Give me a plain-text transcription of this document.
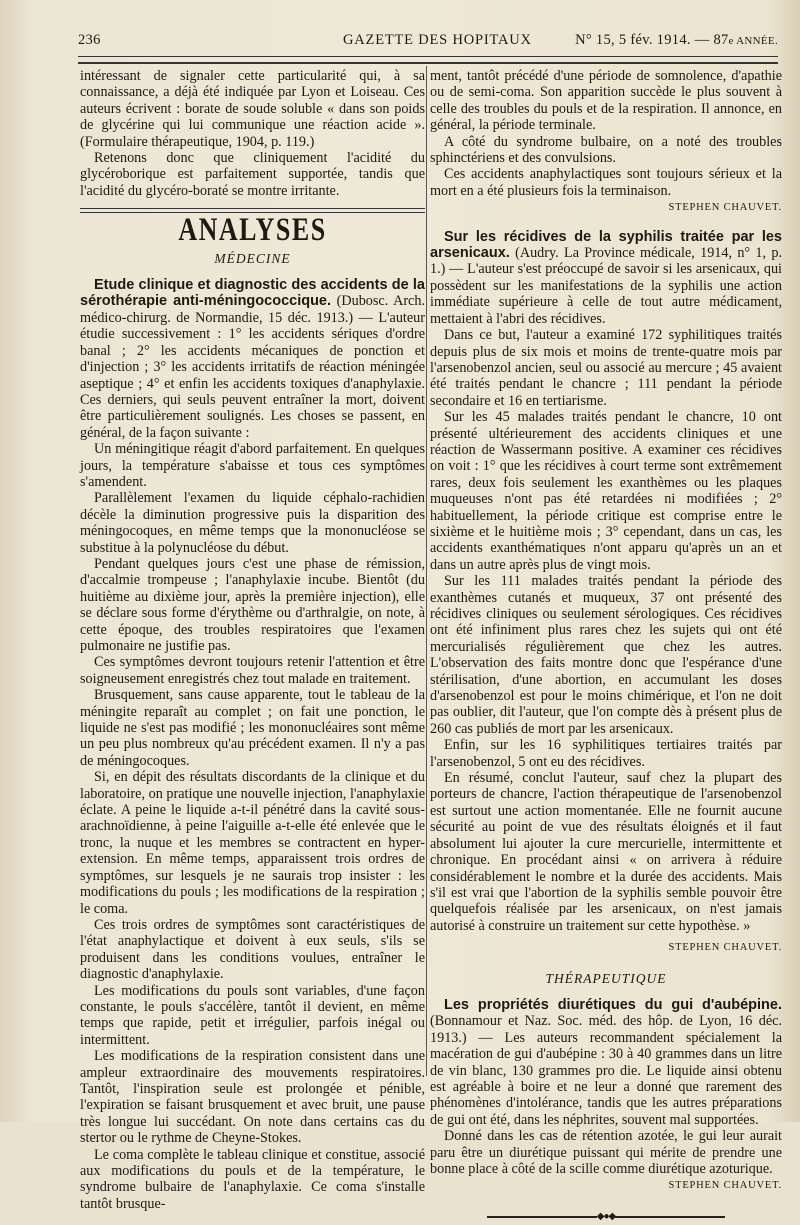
236	GAZETTE DES HOPITAUX	N° 15, 5 fév. 1914. — 87e ANNÉE.

intéressant de signaler cette particularité qui, à sa connaissance, a déjà été indiquée par Lyon et Loiseau. Ces auteurs écrivent : borate de soude soluble « dans son poids de glycérine qui lui communique une réaction acide ». (Formulaire thérapeutique, 1904, p. 119.)

Retenons donc que cliniquement l'acidité du glycéroborique est parfaitement supportée, tandis que l'acidité du glycéro-boraté se montre irritante.

ANALYSES
MÉDECINE

Etude clinique et diagnostic des accidents de la sérothérapie anti-méningococcique. (Dubosc. Arch. médico-chirurg. de Normandie, 15 déc. 1913.) — L'auteur étudie successivement : 1° les accidents sériques d'ordre banal ; 2° les accidents mécaniques de ponction et d'injection ; 3° les accidents irritatifs de réaction méningée aseptique ; 4° et enfin les accidents toxiques d'anaphylaxie. Ces derniers, qui seuls peuvent entraîner la mort, doivent être particulièrement soulignés. Les choses se passent, en général, de la façon suivante :

Un méningitique réagit d'abord parfaitement. En quelques jours, la température s'abaisse et tous ces symptômes s'amendent.

Parallèlement l'examen du liquide céphalo-rachidien décèle la diminution progressive puis la disparition des méningocoques, en même temps que la mononucléose se substitue à la polynucléose du début.

Pendant quelques jours c'est une phase de rémission, d'accalmie trompeuse ; l'anaphylaxie incube. Bientôt (du huitième au dixième jour, après la première injection), elle se déclare sous forme d'érythème ou d'arthralgie, on note, à cette époque, des troubles respiratoires que l'examen pulmonaire ne justifie pas.

Ces symptômes devront toujours retenir l'attention et être soigneusement enregistrés chez tout malade en traitement.

Brusquement, sans cause apparente, tout le tableau de la méningite reparaît au complet ; on fait une ponction, le liquide ne s'est pas modifié ; les mononucléaires sont même un peu plus nombreux qu'au précédent examen. Il n'y a pas de méningocoques.

Si, en dépit des résultats discordants de la clinique et du laboratoire, on pratique une nouvelle injection, l'anaphylaxie éclate. A peine le liquide a-t-il pénétré dans la cavité sous-arachnoïdienne, à peine l'aiguille a-t-elle été enlevée que le tronc, la nuque et les membres se contractent en hyper-extension. En même temps, apparaissent trois ordres de symptômes, sur lesquels je ne saurais trop insister : les modifications du pouls ; les modifications de la respiration ; le coma.

Ces trois ordres de symptômes sont caractéristiques de l'état anaphylactique et doivent à eux seuls, s'ils se produisent dans les conditions voulues, entraîner le diagnostic d'anaphylaxie.

Les modifications du pouls sont variables, d'une façon constante, le pouls s'accélère, tantôt il devient, en même temps que rapide, petit et irrégulier, parfois inégal ou intermittent.

Les modifications de la respiration consistent dans une ampleur extraordinaire des mouvements respiratoires. Tantôt, l'inspiration seule est prolongée et pénible, l'expiration se faisant brusquement et avec bruit, une pause très longue lui succédant. On note dans certains cas du stertor ou le rythme de Cheyne-Stokes.

Le coma complète le tableau clinique et constitue, associé aux modifications du pouls et de la température, le syndrome bulbaire de l'anaphylaxie. Ce coma s'installe tantôt brusque-

ment, tantôt précédé d'une période de somnolence, d'apathie ou de semi-coma. Son apparition succède le plus souvent à celle des troubles du pouls et de la respiration. Il annonce, en général, la période terminale.

A côté du syndrome bulbaire, on a noté des troubles sphinctériens et des convulsions.

Ces accidents anaphylactiques sont toujours sérieux et la mort en a été plusieurs fois la terminaison.

STEPHEN CHAUVET.

Sur les récidives de la syphilis traitée par les arsenicaux. (Audry. La Province médicale, 1914, n° 1, p. 1.) — L'auteur s'est préoccupé de savoir si les arsenicaux, qui possèdent sur les manifestations de la syphilis une action immédiate supérieure à celle de tout autre médicament, mettaient à l'abri des récidives.

Dans ce but, l'auteur a examiné 172 syphilitiques traités depuis plus de six mois et moins de trente-quatre mois par l'arsenobenzol ancien, seul ou associé au mercure ; 45 avaient été traités pendant le chancre ; 111 pendant la période secondaire et 16 en tertiarisme.

Sur les 45 malades traités pendant le chancre, 10 ont présenté ultérieurement des accidents cliniques et une réaction de Wassermann positive. A examiner ces récidives on voit : 1° que les récidives à court terme sont extrêmement rares, deux fois seulement les exanthèmes ou les plaques muqueuses n'ont pas été retardées ni modifiées ; 2° habituellement, la période critique est comprise entre le sixième et le huitième mois ; 3° cependant, dans un cas, les accidents exanthématiques n'ont apparu qu'après un an et dans un autre après plus de vingt mois.

Sur les 111 malades traités pendant la période des exanthèmes cutanés et muqueux, 37 ont présenté des récidives cliniques ou seulement sérologiques. Ces récidives ont été infiniment plus rares chez les sujets qui ont été mercurialisés régulièrement que chez les autres. L'observation des faits montre donc que l'espérance d'une stérilisation, d'une abortion, en accumulant les doses d'arsenobenzol est pour le moins chimérique, et l'on ne doit pas oublier, dit l'auteur, que l'on compte dès à présent plus de 260 cas publiés de mort par les arsenicaux.

Enfin, sur les 16 syphilitiques tertiaires traités par l'arsenobenzol, 5 ont eu des récidives.

En résumé, conclut l'auteur, sauf chez la plupart des porteurs de chancre, l'action thérapeutique de l'arsenobenzol est surtout une action momentanée. Elle ne fournit aucune sécurité au point de vue des résultats éloignés et il faut absolument lui ajouter la cure mercurielle, intermittente et chronique. En procédant ainsi « on arrivera à réduire considérablement le nombre et la durée des accidents. Mais s'il est vrai que l'abortion de la syphilis semble pouvoir être quelquefois réalisée par les arsenicaux, on n'est jamais autorisé à construire un traitement sur cette hypothèse. »

STEPHEN CHAUVET.
THÉRAPEUTIQUE

Les propriétés diurétiques du gui d'aubépine. (Bonnamour et Naz. Soc. méd. des hôp. de Lyon, 16 déc. 1913.) — Les auteurs recommandent spécialement la macération de gui d'aubépine : 30 à 40 grammes dans un litre de vin blanc, 130 grammes pro die. Le liquide ainsi obtenu est agréable à boire et ne leur a donné que rarement des phénomènes d'intolérance, tandis que les autres préparations de gui ont été, dans les néphrites, souvent mal supportées.

Donné dans les cas de rétention azotée, le gui leur aurait paru être un diurétique puissant qui mérite de prendre une bonne place à côté de la scille comme diurétique azoturique.

STEPHEN CHAUVET.
◆●◆
